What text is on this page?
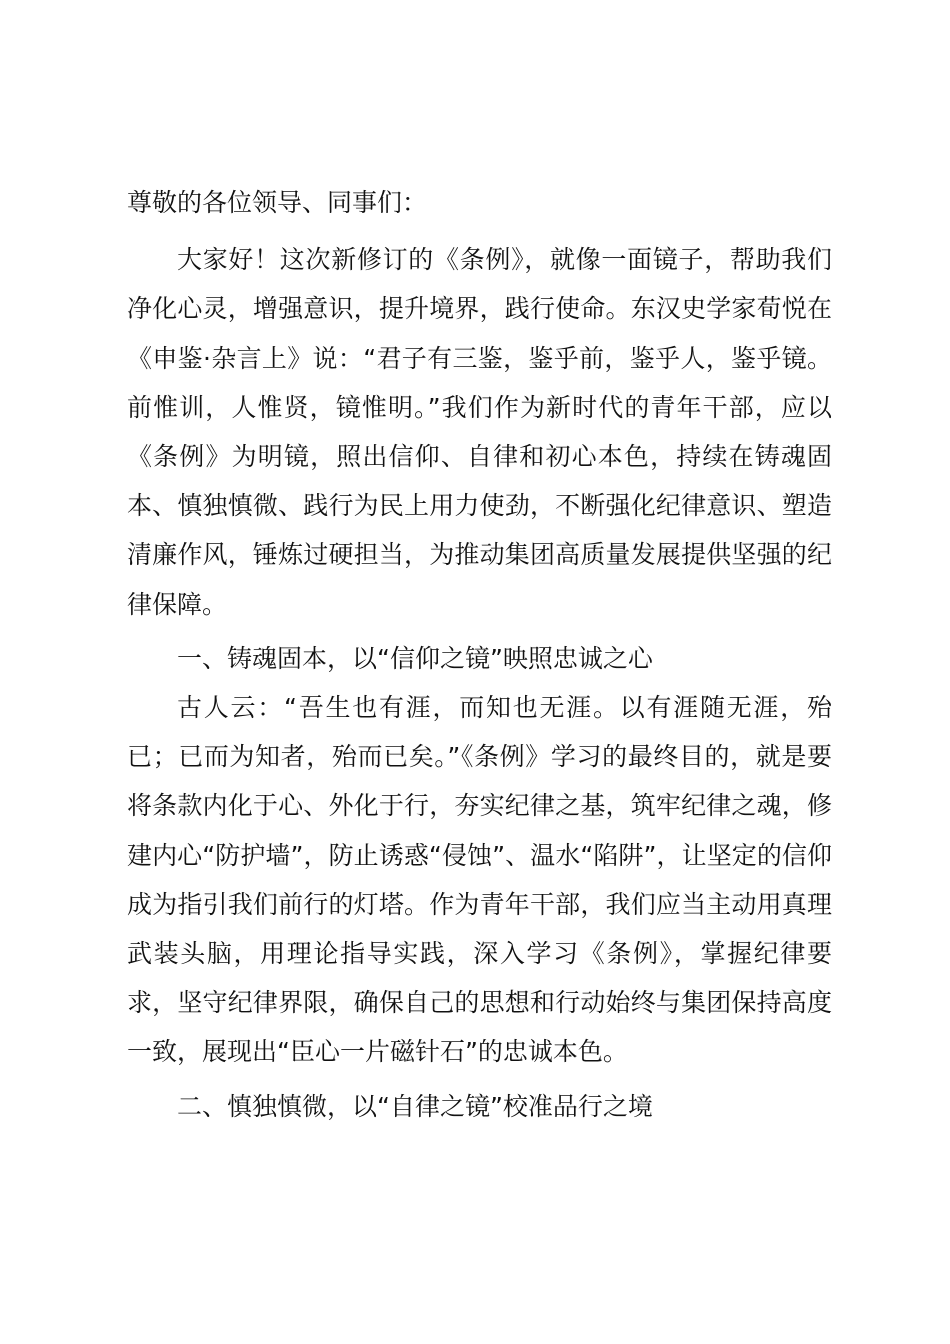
尊敬的各位领导、同事们：

大家好！这次新修订的《条例》，就像一面镜子，帮助我们净化心灵，增强意识，提升境界，践行使命。东汉史学家荀悦在《申鉴·杂言上》说：“君子有三鉴，鉴乎前，鉴乎人，鉴乎镜。前惟训，人惟贤，镜惟明。”我们作为新时代的青年干部，应以《条例》为明镜，照出信仰、自律和初心本色，持续在铸魂固本、慎独慎微、践行为民上用力使劲，不断强化纪律意识、塑造清廉作风，锤炼过硬担当，为推动集团高质量发展提供坚强的纪律保障。

一、铸魂固本，以“信仰之镜”映照忠诚之心

古人云：“吾生也有涯，而知也无涯。以有涯随无涯，殆已；已而为知者，殆而已矣。”《条例》学习的最终目的，就是要将条款内化于心、外化于行，夯实纪律之基，筑牢纪律之魂，修建内心“防护墙”，防止诱惑“侵蚀”、温水“陷阱”，让坚定的信仰成为指引我们前行的灯塔。作为青年干部，我们应当主动用真理武装头脑，用理论指导实践，深入学习《条例》，掌握纪律要求，坚守纪律界限，确保自己的思想和行动始终与集团保持高度一致，展现出“臣心一片磁针石”的忠诚本色。

二、慎独慎微，以“自律之镜”校准品行之境
